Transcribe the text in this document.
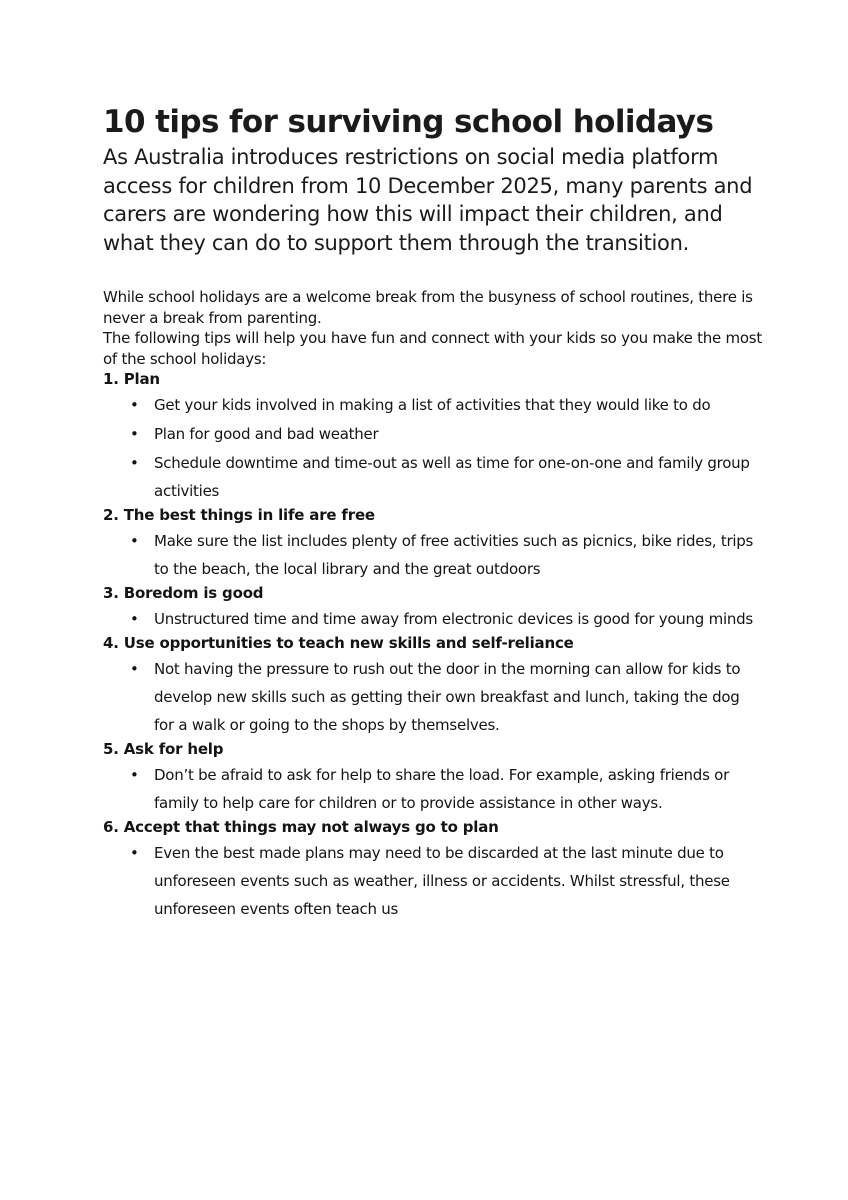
10 tips for surviving school holidays

As Australia introduces restrictions on social media platform access for children from 10 December 2025, many parents and carers are wondering how this will impact their children, and what they can do to support them through the transition.

While school holidays are a welcome break from the busyness of school routines, there is never a break from parenting.

The following tips will help you have fun and connect with your kids so you make the most of the school holidays:

1. Plan
• Get your kids involved in making a list of activities that they would like to do
• Plan for good and bad weather
• Schedule downtime and time-out as well as time for one-on-one and family group activities
2. The best things in life are free
• Make sure the list includes plenty of free activities such as picnics, bike rides, trips to the beach, the local library and the great outdoors
3. Boredom is good
• Unstructured time and time away from electronic devices is good for young minds
4. Use opportunities to teach new skills and self-reliance
• Not having the pressure to rush out the door in the morning can allow for kids to develop new skills such as getting their own breakfast and lunch, taking the dog for a walk or going to the shops by themselves.
5. Ask for help
• Don’t be afraid to ask for help to share the load. For example, asking friends or family to help care for children or to provide assistance in other ways.
6. Accept that things may not always go to plan
• Even the best made plans may need to be discarded at the last minute due to unforeseen events such as weather, illness or accidents. Whilst stressful, these unforeseen events often teach us
